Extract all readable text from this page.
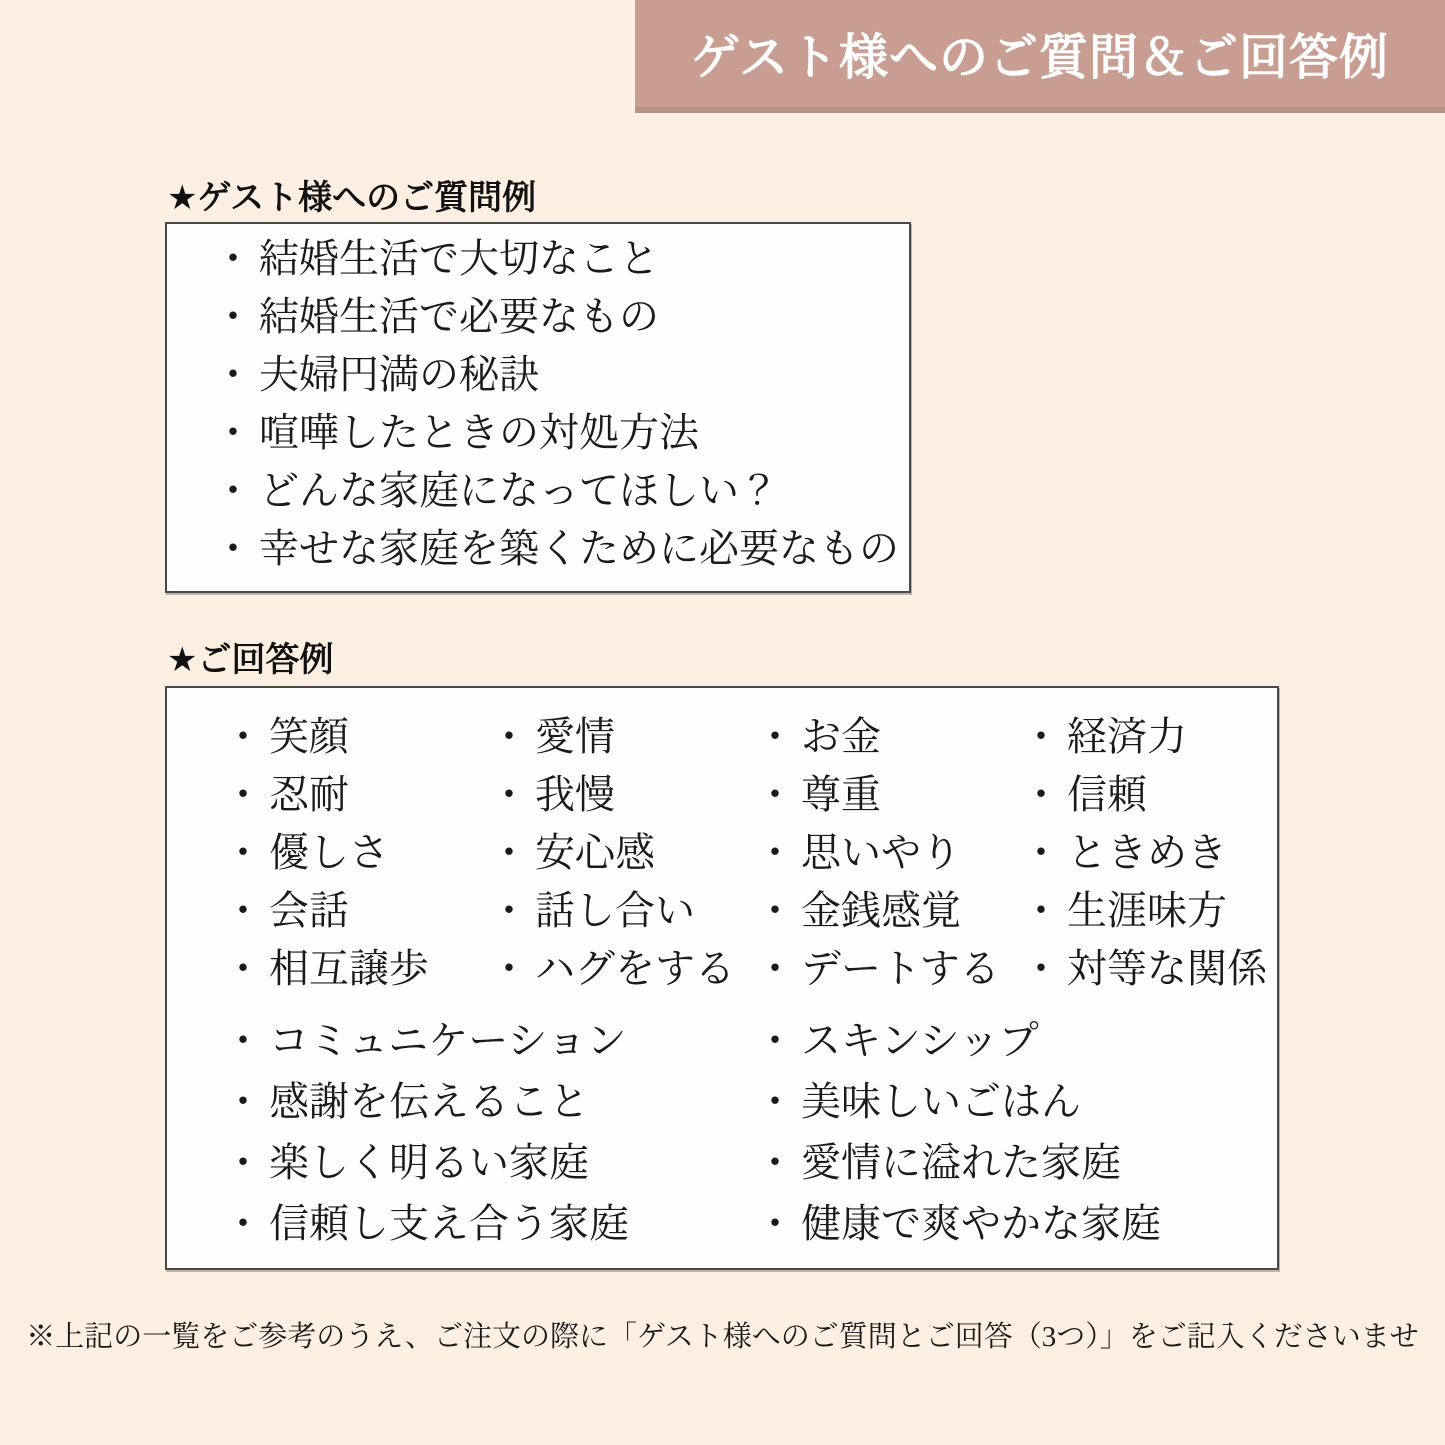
ゲスト様へのご質問＆ご回答例
★ゲスト様へのご質問例
・ 結婚生活で大切なこと
・ 結婚生活で必要なもの
・ 夫婦円満の秘訣
・ 喧嘩したときの対処方法
・ どんな家庭になってほしい？
・ 幸せな家庭を築くために必要なもの
★ご回答例
・ 笑顔	・ 愛情	・ お金	・ 経済力
・ 忍耐	・ 我慢	・ 尊重	・ 信頼
・ 優しさ	・ 安心感	・ 思いやり ・ ときめき
・ 会話	・ 話し合い ・ 金銭感覚 ・ 生涯味方
・ 相互譲歩 ・ ハグをする ・ デートする ・ 対等な関係
・ コミュニケーション	・ スキンシップ
・ 感謝を伝えること	・ 美味しいごはん
・ 楽しく明るい家庭	・ 愛情に溢れた家庭
・ 信頼し支え合う家庭	・ 健康で爽やかな家庭
※上記の一覧をご参考のうえ、ご注文の際に「ゲスト様へのご質問とご回答（3つ）」をご記入くださいませ
